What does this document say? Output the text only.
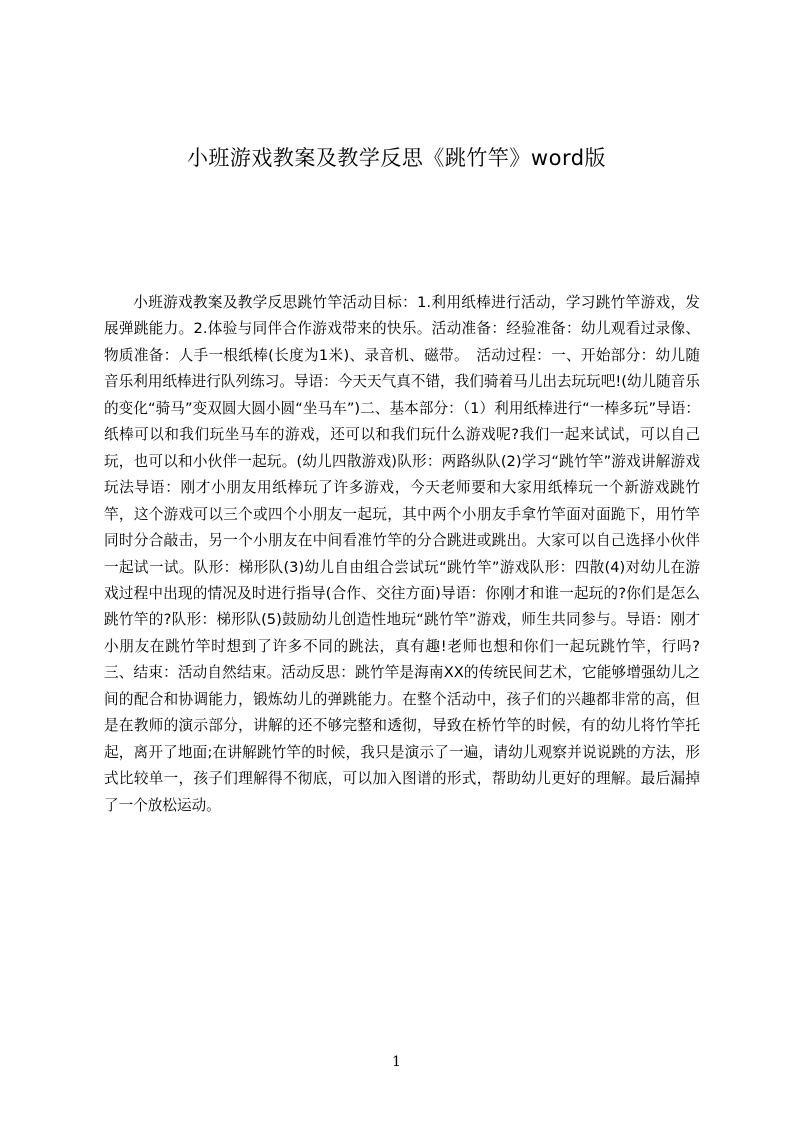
小班游戏教案及教学反思《跳竹竿》word版

小班游戏教案及教学反思跳竹竿活动目标：1.利用纸棒进行活动，学习跳竹竿游戏，发展弹跳能力。2.体验与同伴合作游戏带来的快乐。活动准备：经验准备：幼儿观看过录像、物质准备：人手一根纸棒(长度为1米)、录音机、磁带。　活动过程：一、开始部分：幼儿随音乐利用纸棒进行队列练习。导语：今天天气真不错，我们骑着马儿出去玩玩吧!(幼儿随音乐的变化“骑马”变双圆大圆小圆“坐马车”)二、基本部分：（1）利用纸棒进行“一棒多玩”导语：纸棒可以和我们玩坐马车的游戏，还可以和我们玩什么游戏呢?我们一起来试试，可以自己玩，也可以和小伙伴一起玩。(幼儿四散游戏)队形：两路纵队(2)学习“跳竹竿”游戏讲解游戏玩法导语：刚才小朋友用纸棒玩了许多游戏，今天老师要和大家用纸棒玩一个新游戏跳竹竿，这个游戏可以三个或四个小朋友一起玩，其中两个小朋友手拿竹竿面对面跪下，用竹竿同时分合敲击，另一个小朋友在中间看准竹竿的分合跳进或跳出。大家可以自己选择小伙伴一起试一试。队形：梯形队(3)幼儿自由组合尝试玩“跳竹竿”游戏队形：四散(4)对幼儿在游戏过程中出现的情况及时进行指导(合作、交往方面)导语：你刚才和谁一起玩的?你们是怎么跳竹竿的?队形：梯形队(5)鼓励幼儿创造性地玩“跳竹竿”游戏，师生共同参与。导语：刚才小朋友在跳竹竿时想到了许多不同的跳法，真有趣!老师也想和你们一起玩跳竹竿，行吗?三、结束：活动自然结束。活动反思：跳竹竿是海南XX的传统民间艺术，它能够增强幼儿之间的配合和协调能力，锻炼幼儿的弹跳能力。在整个活动中，孩子们的兴趣都非常的高，但是在教师的演示部分，讲解的还不够完整和透彻，导致在桥竹竿的时候，有的幼儿将竹竿托起，离开了地面;在讲解跳竹竿的时候，我只是演示了一遍，请幼儿观察并说说跳的方法，形式比较单一，孩子们理解得不彻底，可以加入图谱的形式，帮助幼儿更好的理解。最后漏掉了一个放松运动。

1
